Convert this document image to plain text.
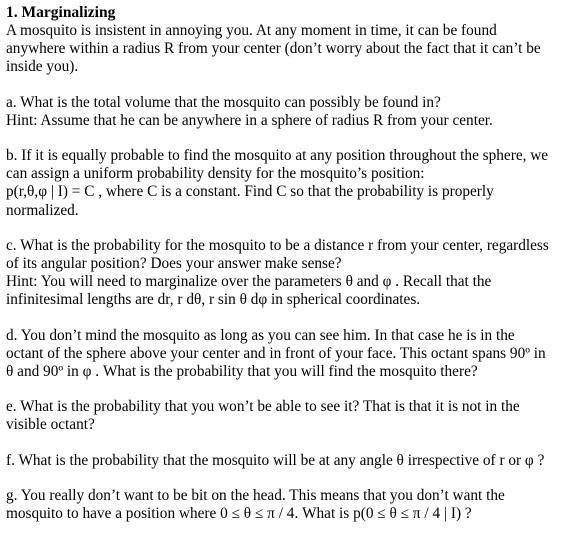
1. Marginalizing

A mosquito is insistent in annoying you. At any moment in time, it can be found
anywhere within a radius R from your center (don’t worry about the fact that it can’t be
inside you).

a. What is the total volume that the mosquito can possibly be found in?
Hint: Assume that he can be anywhere in a sphere of radius R from your center.

b. If it is equally probable to find the mosquito at any position throughout the sphere, we
can assign a uniform probability density for the mosquito’s position:
p(r,θ,φ | I) = C , where C is a constant. Find C so that the probability is properly
normalized.

c. What is the probability for the mosquito to be a distance r from your center, regardless
of its angular position? Does your answer make sense?
Hint: You will need to marginalize over the parameters θ and φ . Recall that the
infinitesimal lengths are dr, r dθ, r sin θ dφ in spherical coordinates.

d. You don’t mind the mosquito as long as you can see him. In that case he is in the
octant of the sphere above your center and in front of your face. This octant spans 90º in
θ and 90º in φ . What is the probability that you will find the mosquito there?

e. What is the probability that you won’t be able to see it? That is that it is not in the
visible octant?

f. What is the probability that the mosquito will be at any angle θ irrespective of r or φ ?

g. You really don’t want to be bit on the head. This means that you don’t want the
mosquito to have a position where 0 ≤ θ ≤ π / 4. What is p(0 ≤ θ ≤ π / 4 | I) ?
